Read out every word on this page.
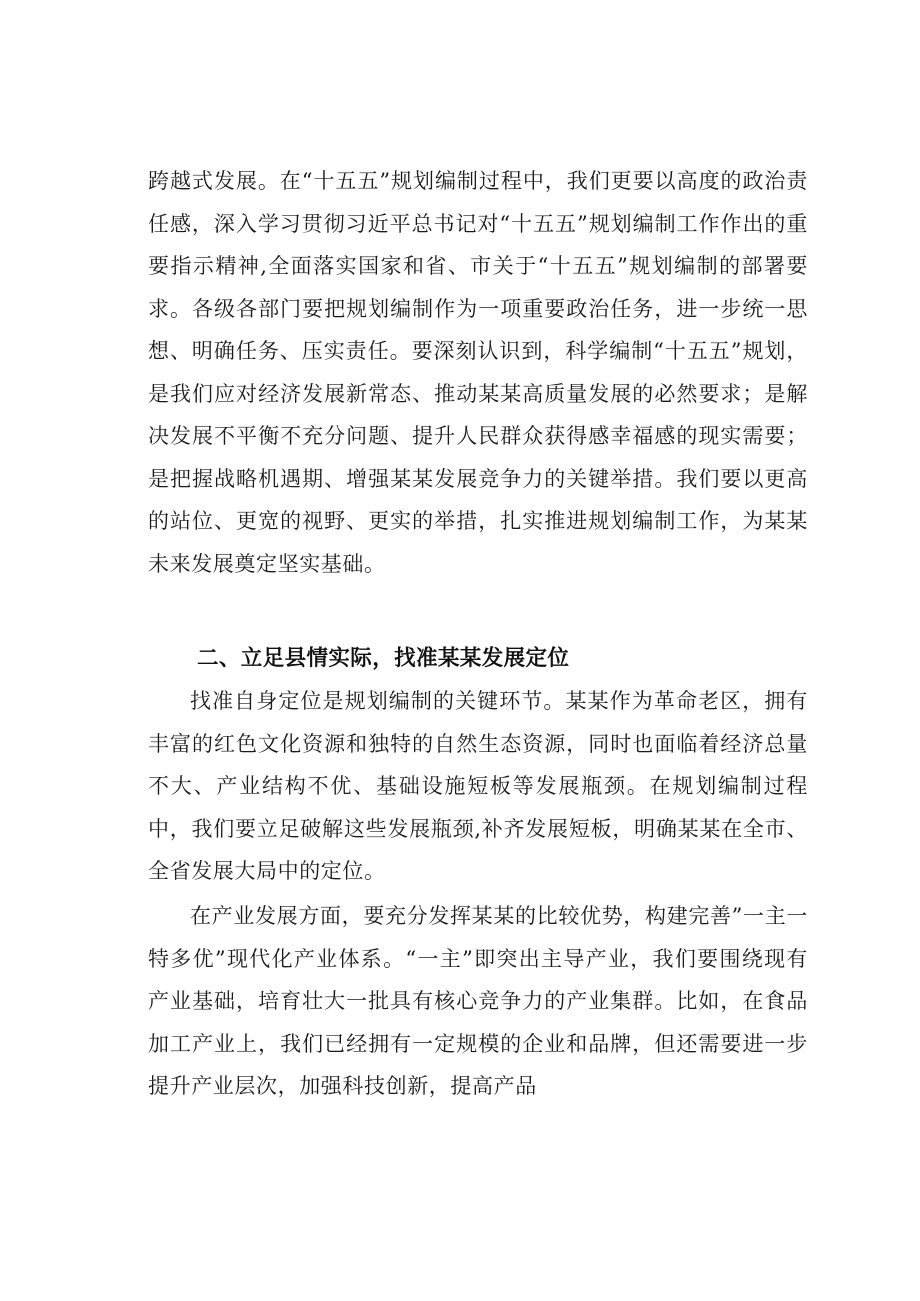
跨越式发展。在“十五五”规划编制过程中，我们更要以高度的政治责任感，深入学习贯彻习近平总书记对“十五五”规划编制工作作出的重要指示精神,全面落实国家和省、市关于“十五五”规划编制的部署要求。各级各部门要把规划编制作为一项重要政治任务，进一步统一思想、明确任务、压实责任。要深刻认识到，科学编制“十五五”规划，是我们应对经济发展新常态、推动某某高质量发展的必然要求；是解决发展不平衡不充分问题、提升人民群众获得感幸福感的现实需要；是把握战略机遇期、增强某某发展竞争力的关键举措。我们要以更高的站位、更宽的视野、更实的举措，扎实推进规划编制工作，为某某未来发展奠定坚实基础。

二、立足县情实际，找准某某发展定位

找准自身定位是规划编制的关键环节。某某作为革命老区，拥有丰富的红色文化资源和独特的自然生态资源，同时也面临着经济总量不大、产业结构不优、基础设施短板等发展瓶颈。在规划编制过程中，我们要立足破解这些发展瓶颈,补齐发展短板，明确某某在全市、全省发展大局中的定位。

在产业发展方面，要充分发挥某某的比较优势，构建完善”一主一特多优”现代化产业体系。“一主”即突出主导产业，我们要围绕现有产业基础，培育壮大一批具有核心竞争力的产业集群。比如，在食品加工产业上，我们已经拥有一定规模的企业和品牌，但还需要进一步提升产业层次，加强科技创新，提高产品
